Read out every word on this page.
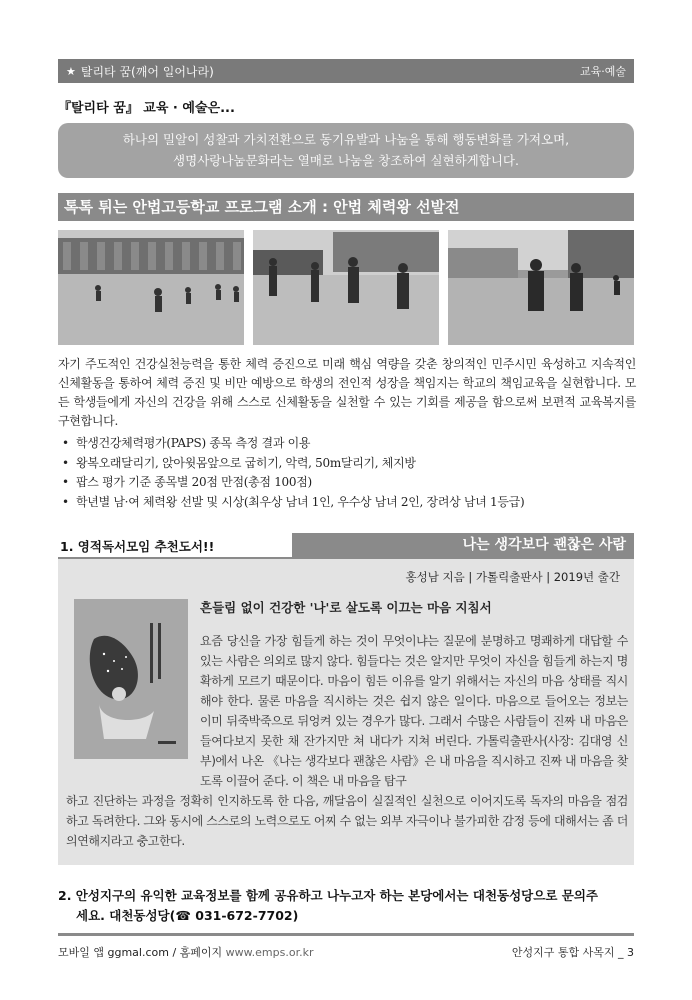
★ 탈리타 꿈(깨어 일어나라)	교육·예술
『탈리타 꿈』 교육 · 예술은...
하나의 밀알이 성찰과 가치전환으로 동기유발과 나눔을 통해 행동변화를 가져오며,
생명사랑나눔문화라는 열매로 나눔을 창조하여 실현하게합니다.
톡톡 튀는 안법고등학교 프로그램 소개 : 안법 체력왕 선발전
자기 주도적인 건강실천능력을 통한 체력 증진으로 미래 핵심 역량을 갖춘 창의적인 민주시민 육성하고 지속적인 신체활동을 통하여 체력 증진 및 비만 예방으로 학생의 전인적 성장을 책임지는 학교의 책임교육을 실현합니다. 모든 학생들에게 자신의 건강을 위해 스스로 신체활동을 실천할 수 있는 기회를 제공을 함으로써 보편적 교육복지를 구현합니다.
• 학생건강체력평가(PAPS) 종목 측정 결과 이용
• 왕복오래달리기, 앉아윗몸앞으로 굽히기, 악력, 50m달리기, 체지방
• 팝스 평가 기준 종목별 20점 만점(총점 100점)
• 학년별 남·여 체력왕 선발 및 시상(최우상 남녀 1인, 우수상 남녀 2인, 장려상 남녀 1등급)
1. 영적독서모임 추천도서!!	나는 생각보다 괜찮은 사람
홍성남 지음 | 가톨릭출판사 | 2019년 출간
흔들림 없이 건강한 '나'로 살도록 이끄는 마음 지침서
요즘 당신을 가장 힘들게 하는 것이 무엇이냐는 질문에 분명하고 명쾌하게 대답할 수 있는 사람은 의외로 많지 않다. 힘들다는 것은 알지만 무엇이 자신을 힘들게 하는지 명확하게 모르기 때문이다. 마음이 힘든 이유를 알기 위해서는 자신의 마음 상태를 직시해야 한다. 물론 마음을 직시하는 것은 쉽지 않은 일이다. 마음으로 들어오는 정보는 이미 뒤죽박죽으로 뒤엉켜 있는 경우가 많다. 그래서 수많은 사람들이 진짜 내 마음은 들여다보지 못한 채 잔가지만 쳐 내다가 지쳐 버린다. 가톨릭출판사(사장: 김대영 신부)에서 나온 《나는 생각보다 괜찮은 사람》은 내 마음을 직시하고 진짜 내 마음을 찾도록 이끌어 준다. 이 책은 내 마음을 탐구
하고 진단하는 과정을 정확히 인지하도록 한 다음, 깨달음이 실질적인 실천으로 이어지도록 독자의 마음을 점검하고 독려한다. 그와 동시에 스스로의 노력으로도 어찌 수 없는 외부 자극이나 불가피한 감정 등에 대해서는 좀 더 의연해지라고 충고한다.
2. 안성지구의 유익한 교육정보를 함께 공유하고 나누고자 하는 본당에서는 대천동성당으로 문의주
세요. 대천동성당(☎ 031-672-7702)
모바일 앱 ggmal.com / 홈페이지 www.emps.or.kr	안성지구 통합 사목지 _ 3
